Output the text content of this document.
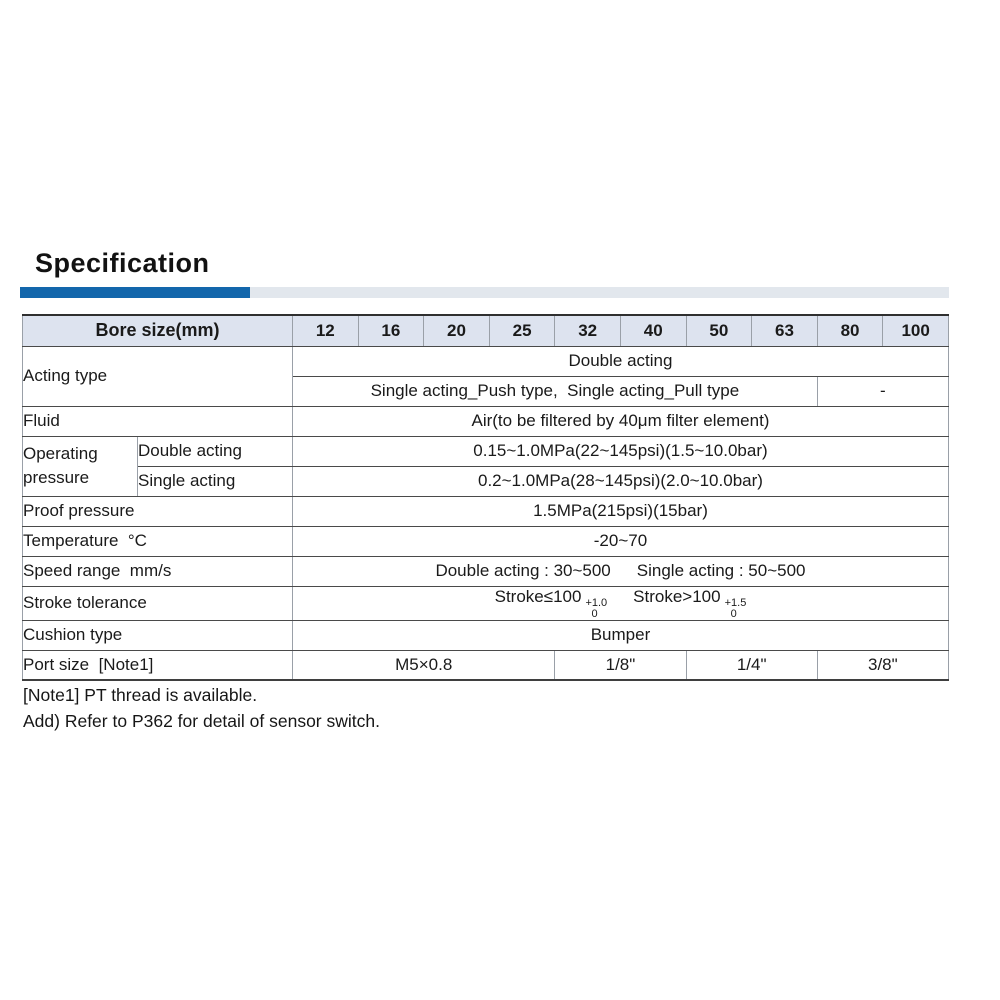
Specification
Bore size(mm)		12	16	20	25	32	40	50	63	80	100
Acting type		Double acting									
		Single acting_Push type,  Single acting_Pull type								-	
Fluid		Air(to be filtered by 40μm filter element)									
Operating pressure	Double acting	0.15~1.0MPa(22~145psi)(1.5~10.0bar)									
	Single acting	0.2~1.0MPa(28~145psi)(2.0~10.0bar)									
Proof pressure		1.5MPa(215psi)(15bar)									
Temperature  °C		-20~70									
Speed range  mm/s		Double acting : 30~500 Single acting : 50~500									
Stroke tolerance	Stroke≤100 +1.0
0
Stroke>100 +1.5
0

Cushion type		Bumper									
Port size  [Note1]		M5×0.8				1/8"		1/4"		3/8"	
[Note1] PT thread is available.
Add) Refer to P362 for detail of sensor switch.
